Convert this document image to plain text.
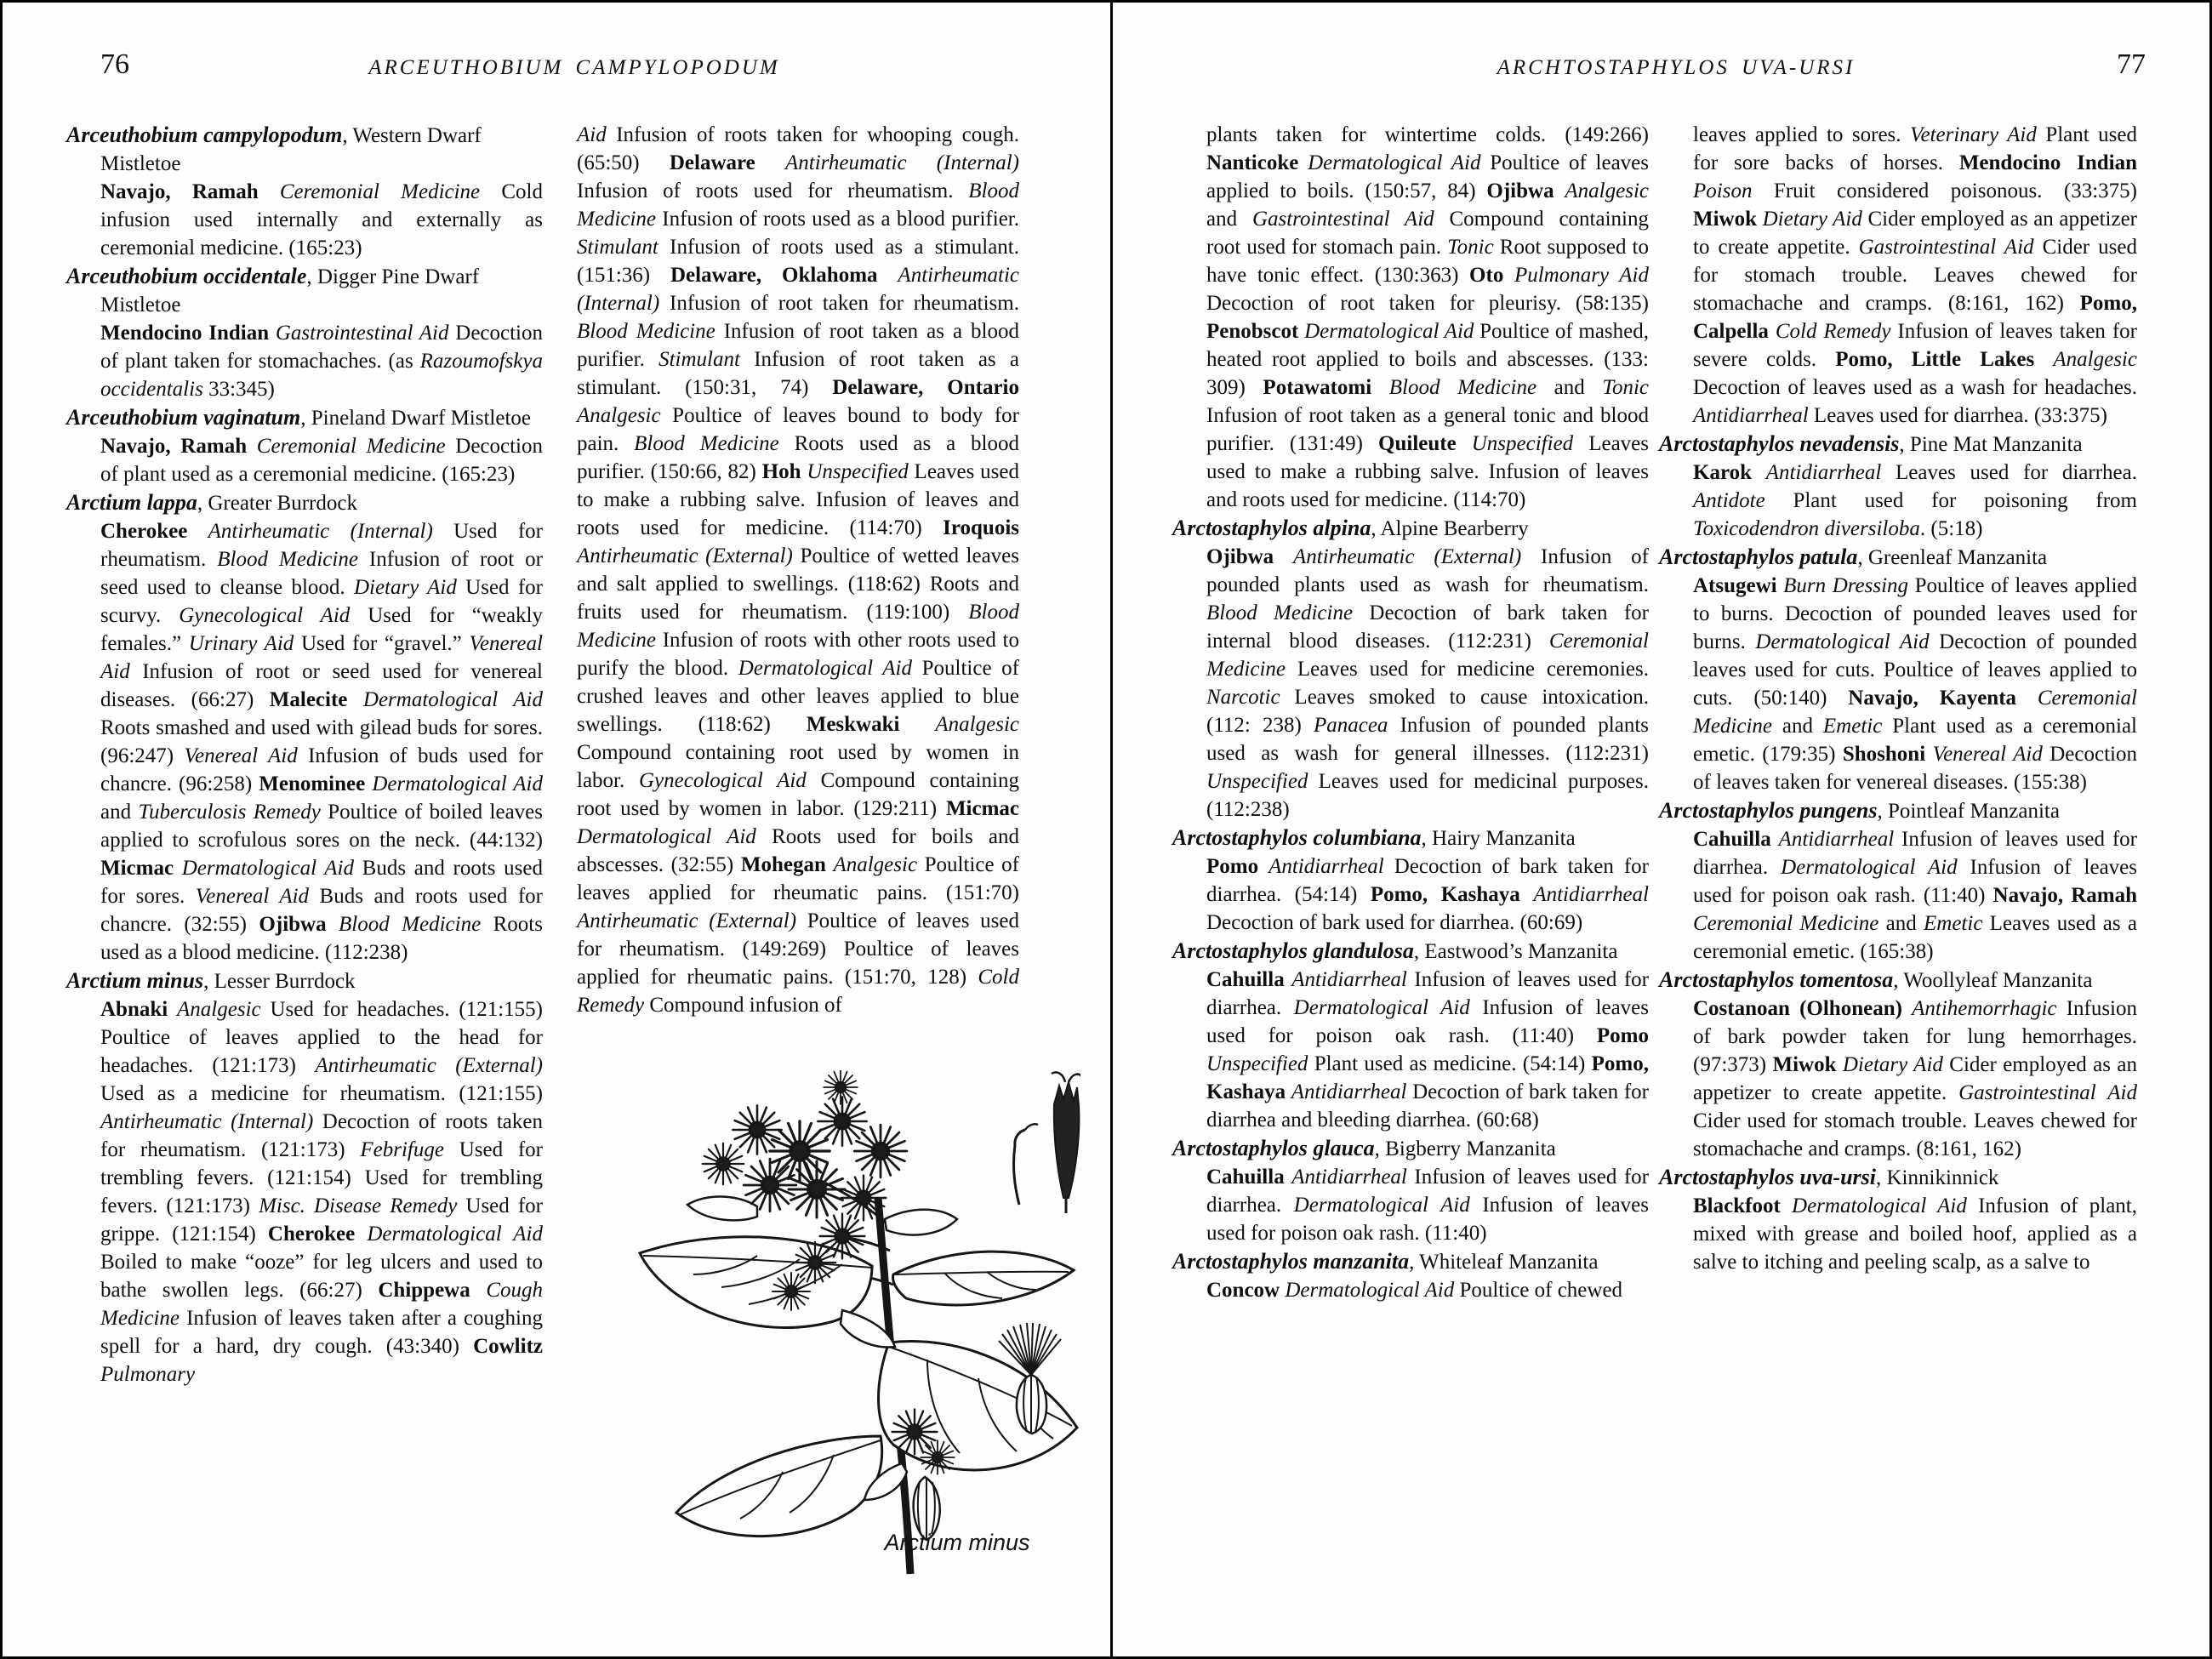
76	ARCEUTHOBIUM CAMPYLOPODUM	ARCHTOSTAPHYLOS UVA-URSI	77

Arceuthobium campylopodum, Western Dwarf Mistletoe

Navajo, Ramah Ceremonial Medicine Cold infusion used internally and externally as ceremonial medicine. (165:23)

Arceuthobium occidentale, Digger Pine Dwarf Mistletoe

Mendocino Indian Gastrointestinal Aid Decoction of plant taken for stomachaches. (as Razoumofskya occidentalis 33:345)

Arceuthobium vaginatum, Pineland Dwarf Mistletoe

Navajo, Ramah Ceremonial Medicine Decoction of plant used as a ceremonial medicine. (165:23)

Arctium lappa, Greater Burrdock

Cherokee Antirheumatic (Internal) Used for rheumatism. Blood Medicine Infusion of root or seed used to cleanse blood. Dietary Aid Used for scurvy. Gynecological Aid Used for “weakly females.” Urinary Aid Used for “gravel.” Venereal Aid Infusion of root or seed used for venereal diseases. (66:27) Malecite Dermatological Aid Roots smashed and used with gilead buds for sores. (96:247) Venereal Aid Infusion of buds used for chancre. (96:258) Menominee Dermatological Aid and Tuberculosis Remedy Poultice of boiled leaves applied to scrofulous sores on the neck. (44:132) Micmac Dermatological Aid Buds and roots used for sores. Venereal Aid Buds and roots used for chancre. (32:55) Ojibwa Blood Medicine Roots used as a blood medicine. (112:238)

Arctium minus, Lesser Burrdock

Abnaki Analgesic Used for headaches. (121:155) Poultice of leaves applied to the head for headaches. (121:173) Antirheumatic (External) Used as a medicine for rheumatism. (121:155) Antirheumatic (Internal) Decoction of roots taken for rheumatism. (121:173) Febrifuge Used for trembling fevers. (121:154) Used for trembling fevers. (121:173) Misc. Disease Remedy Used for grippe. (121:154) Cherokee Dermatological Aid Boiled to make “ooze” for leg ulcers and used to bathe swollen legs. (66:27) Chippewa Cough Medicine Infusion of leaves taken after a coughing spell for a hard, dry cough. (43:340) Cowlitz Pulmonary

Aid Infusion of roots taken for whooping cough. (65:50) Delaware Antirheumatic (Internal) Infusion of roots used for rheumatism. Blood Medicine Infusion of roots used as a blood purifier. Stimulant Infusion of roots used as a stimulant. (151:36) Delaware, Oklahoma Antirheumatic (Internal) Infusion of root taken for rheumatism. Blood Medicine Infusion of root taken as a blood purifier. Stimulant Infusion of root taken as a stimulant. (150:31, 74) Delaware, Ontario Analgesic Poultice of leaves bound to body for pain. Blood Medicine Roots used as a blood purifier. (150:66, 82) Hoh Unspecified Leaves used to make a rubbing salve. Infusion of leaves and roots used for medicine. (114:70) Iroquois Antirheumatic (External) Poultice of wetted leaves and salt applied to swellings. (118:62) Roots and fruits used for rheumatism. (119:100) Blood Medicine Infusion of roots with other roots used to purify the blood. Dermatological Aid Poultice of crushed leaves and other leaves applied to blue swellings. (118:62) Meskwaki Analgesic Compound containing root used by women in labor. Gynecological Aid Compound containing root used by women in labor. (129:211) Micmac Dermatological Aid Roots used for boils and abscesses. (32:55) Mohegan Analgesic Poultice of leaves applied for rheumatic pains. (151:70) Antirheumatic (External) Poultice of leaves used for rheumatism. (149:269) Poultice of leaves applied for rheumatic pains. (151:70, 128) Cold Remedy Compound infusion of

plants taken for wintertime colds. (149:266) Nanticoke Dermatological Aid Poultice of leaves applied to boils. (150:57, 84) Ojibwa Analgesic and Gastrointestinal Aid Compound containing root used for stomach pain. Tonic Root supposed to have tonic effect. (130:363) Oto Pulmonary Aid Decoction of root taken for pleurisy. (58:135) Penobscot Dermatological Aid Poultice of mashed, heated root applied to boils and abscesses. (133: 309) Potawatomi Blood Medicine and Tonic Infusion of root taken as a general tonic and blood purifier. (131:49) Quileute Unspecified Leaves used to make a rubbing salve. Infusion of leaves and roots used for medicine. (114:70)

Arctostaphylos alpina, Alpine Bearberry

Ojibwa Antirheumatic (External) Infusion of pounded plants used as wash for rheumatism. Blood Medicine Decoction of bark taken for internal blood diseases. (112:231) Ceremonial Medicine Leaves used for medicine ceremonies. Narcotic Leaves smoked to cause intoxication. (112: 238) Panacea Infusion of pounded plants used as wash for general illnesses. (112:231) Unspecified Leaves used for medicinal purposes. (112:238)

Arctostaphylos columbiana, Hairy Manzanita

Pomo Antidiarrheal Decoction of bark taken for diarrhea. (54:14) Pomo, Kashaya Antidiarrheal Decoction of bark used for diarrhea. (60:69)

Arctostaphylos glandulosa, Eastwood’s Manzanita

Cahuilla Antidiarrheal Infusion of leaves used for diarrhea. Dermatological Aid Infusion of leaves used for poison oak rash. (11:40) Pomo Unspecified Plant used as medicine. (54:14) Pomo, Kashaya Antidiarrheal Decoction of bark taken for diarrhea and bleeding diarrhea. (60:68)

Arctostaphylos glauca, Bigberry Manzanita

Cahuilla Antidiarrheal Infusion of leaves used for diarrhea. Dermatological Aid Infusion of leaves used for poison oak rash. (11:40)

Arctostaphylos manzanita, Whiteleaf Manzanita

Concow Dermatological Aid Poultice of chewed

leaves applied to sores. Veterinary Aid Plant used for sore backs of horses. Mendocino Indian Poison Fruit considered poisonous. (33:375) Miwok Dietary Aid Cider employed as an appetizer to create appetite. Gastrointestinal Aid Cider used for stomach trouble. Leaves chewed for stomachache and cramps. (8:161, 162) Pomo, Calpella Cold Remedy Infusion of leaves taken for severe colds. Pomo, Little Lakes Analgesic Decoction of leaves used as a wash for headaches. Antidiarrheal Leaves used for diarrhea. (33:375)

Arctostaphylos nevadensis, Pine Mat Manzanita

Karok Antidiarrheal Leaves used for diarrhea. Antidote Plant used for poisoning from Toxicodendron diversiloba. (5:18)

Arctostaphylos patula, Greenleaf Manzanita

Atsugewi Burn Dressing Poultice of leaves applied to burns. Decoction of pounded leaves used for burns. Dermatological Aid Decoction of pounded leaves used for cuts. Poultice of leaves applied to cuts. (50:140) Navajo, Kayenta Ceremonial Medicine and Emetic Plant used as a ceremonial emetic. (179:35) Shoshoni Venereal Aid Decoction of leaves taken for venereal diseases. (155:38)

Arctostaphylos pungens, Pointleaf Manzanita

Cahuilla Antidiarrheal Infusion of leaves used for diarrhea. Dermatological Aid Infusion of leaves used for poison oak rash. (11:40) Navajo, Ramah Ceremonial Medicine and Emetic Leaves used as a ceremonial emetic. (165:38)

Arctostaphylos tomentosa, Woollyleaf Manzanita

Costanoan (Olhonean) Antihemorrhagic Infusion of bark powder taken for lung hemorrhages. (97:373) Miwok Dietary Aid Cider employed as an appetizer to create appetite. Gastrointestinal Aid Cider used for stomach trouble. Leaves chewed for stomachache and cramps. (8:161, 162)

Arctostaphylos uva-ursi, Kinnikinnick

Blackfoot Dermatological Aid Infusion of plant, mixed with grease and boiled hoof, applied as a salve to itching and peeling scalp, as a salve to

Arctium minus
